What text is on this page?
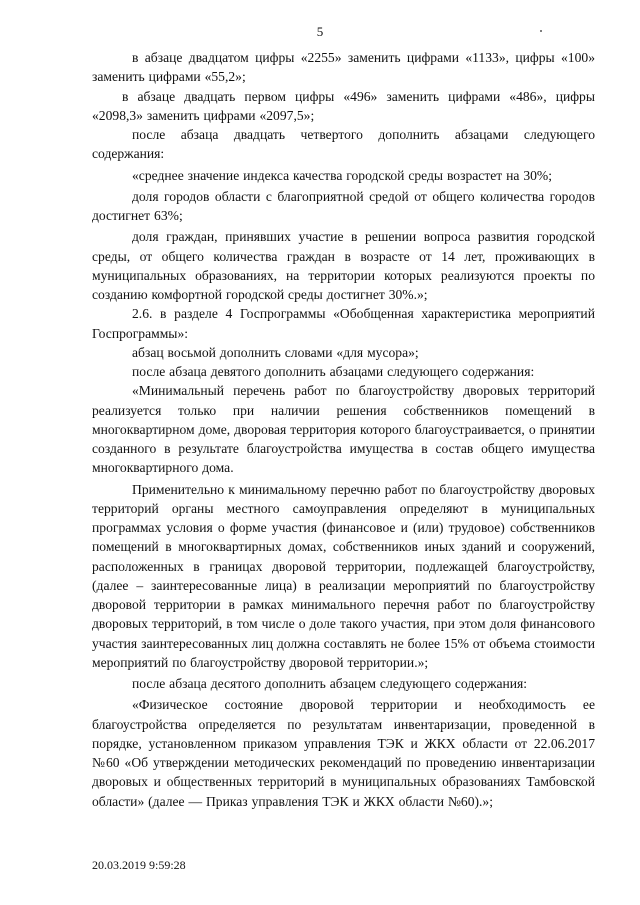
5

в абзаце двадцатом цифры «2255» заменить цифрами «1133», цифры «100» заменить цифрами «55,2»;

в абзаце двадцать первом цифры «496» заменить цифрами «486», цифры «2098,3» заменить цифрами «2097,5»;

после абзаца двадцать четвертого дополнить абзацами следующего содержания:

«среднее значение индекса качества городской среды возрастет на 30%;

доля городов области с благоприятной средой от общего количества городов достигнет 63%;

доля граждан, принявших участие в решении вопроса развития городской среды, от общего количества граждан в возрасте от 14 лет, проживающих в муниципальных образованиях, на территории которых реализуются проекты по созданию комфортной городской среды достигнет 30%.»;

2.6. в разделе 4 Госпрограммы «Обобщенная характеристика мероприятий Госпрограммы»:

абзац восьмой дополнить словами «для мусора»;

после абзаца девятого дополнить абзацами следующего содержания:

«Минимальный перечень работ по благоустройству дворовых территорий реализуется только при наличии решения собственников помещений в многоквартирном доме, дворовая территория которого благоустраивается, о принятии созданного в результате благоустройства имущества в состав общего имущества многоквартирного дома.

Применительно к минимальному перечню работ по благоустройству дворовых территорий органы местного самоуправления определяют в муниципальных программах условия о форме участия (финансовое и (или) трудовое) собственников помещений в многоквартирных домах, собственников иных зданий и сооружений, расположенных в границах дворовой территории, подлежащей благоустройству, (далее – заинтересованные лица) в реализации мероприятий по благоустройству дворовой территории в рамках минимального перечня работ по благоустройству дворовых территорий, в том числе о доле такого участия, при этом доля финансового участия заинтересованных лиц должна составлять не более 15% от объема стоимости мероприятий по благоустройству дворовой территории.»;

после абзаца десятого дополнить абзацем следующего содержания:

«Физическое состояние дворовой территории и необходимость ее благоустройства определяется по результатам инвентаризации, проведенной в порядке, установленном приказом управления ТЭК и ЖКХ области от 22.06.2017 №60 «Об утверждении методических рекомендаций по проведению инвентаризации дворовых и общественных территорий в муниципальных образованиях Тамбовской области» (далее — Приказ управления ТЭК и ЖКХ области №60).»;

20.03.2019 9:59:28
